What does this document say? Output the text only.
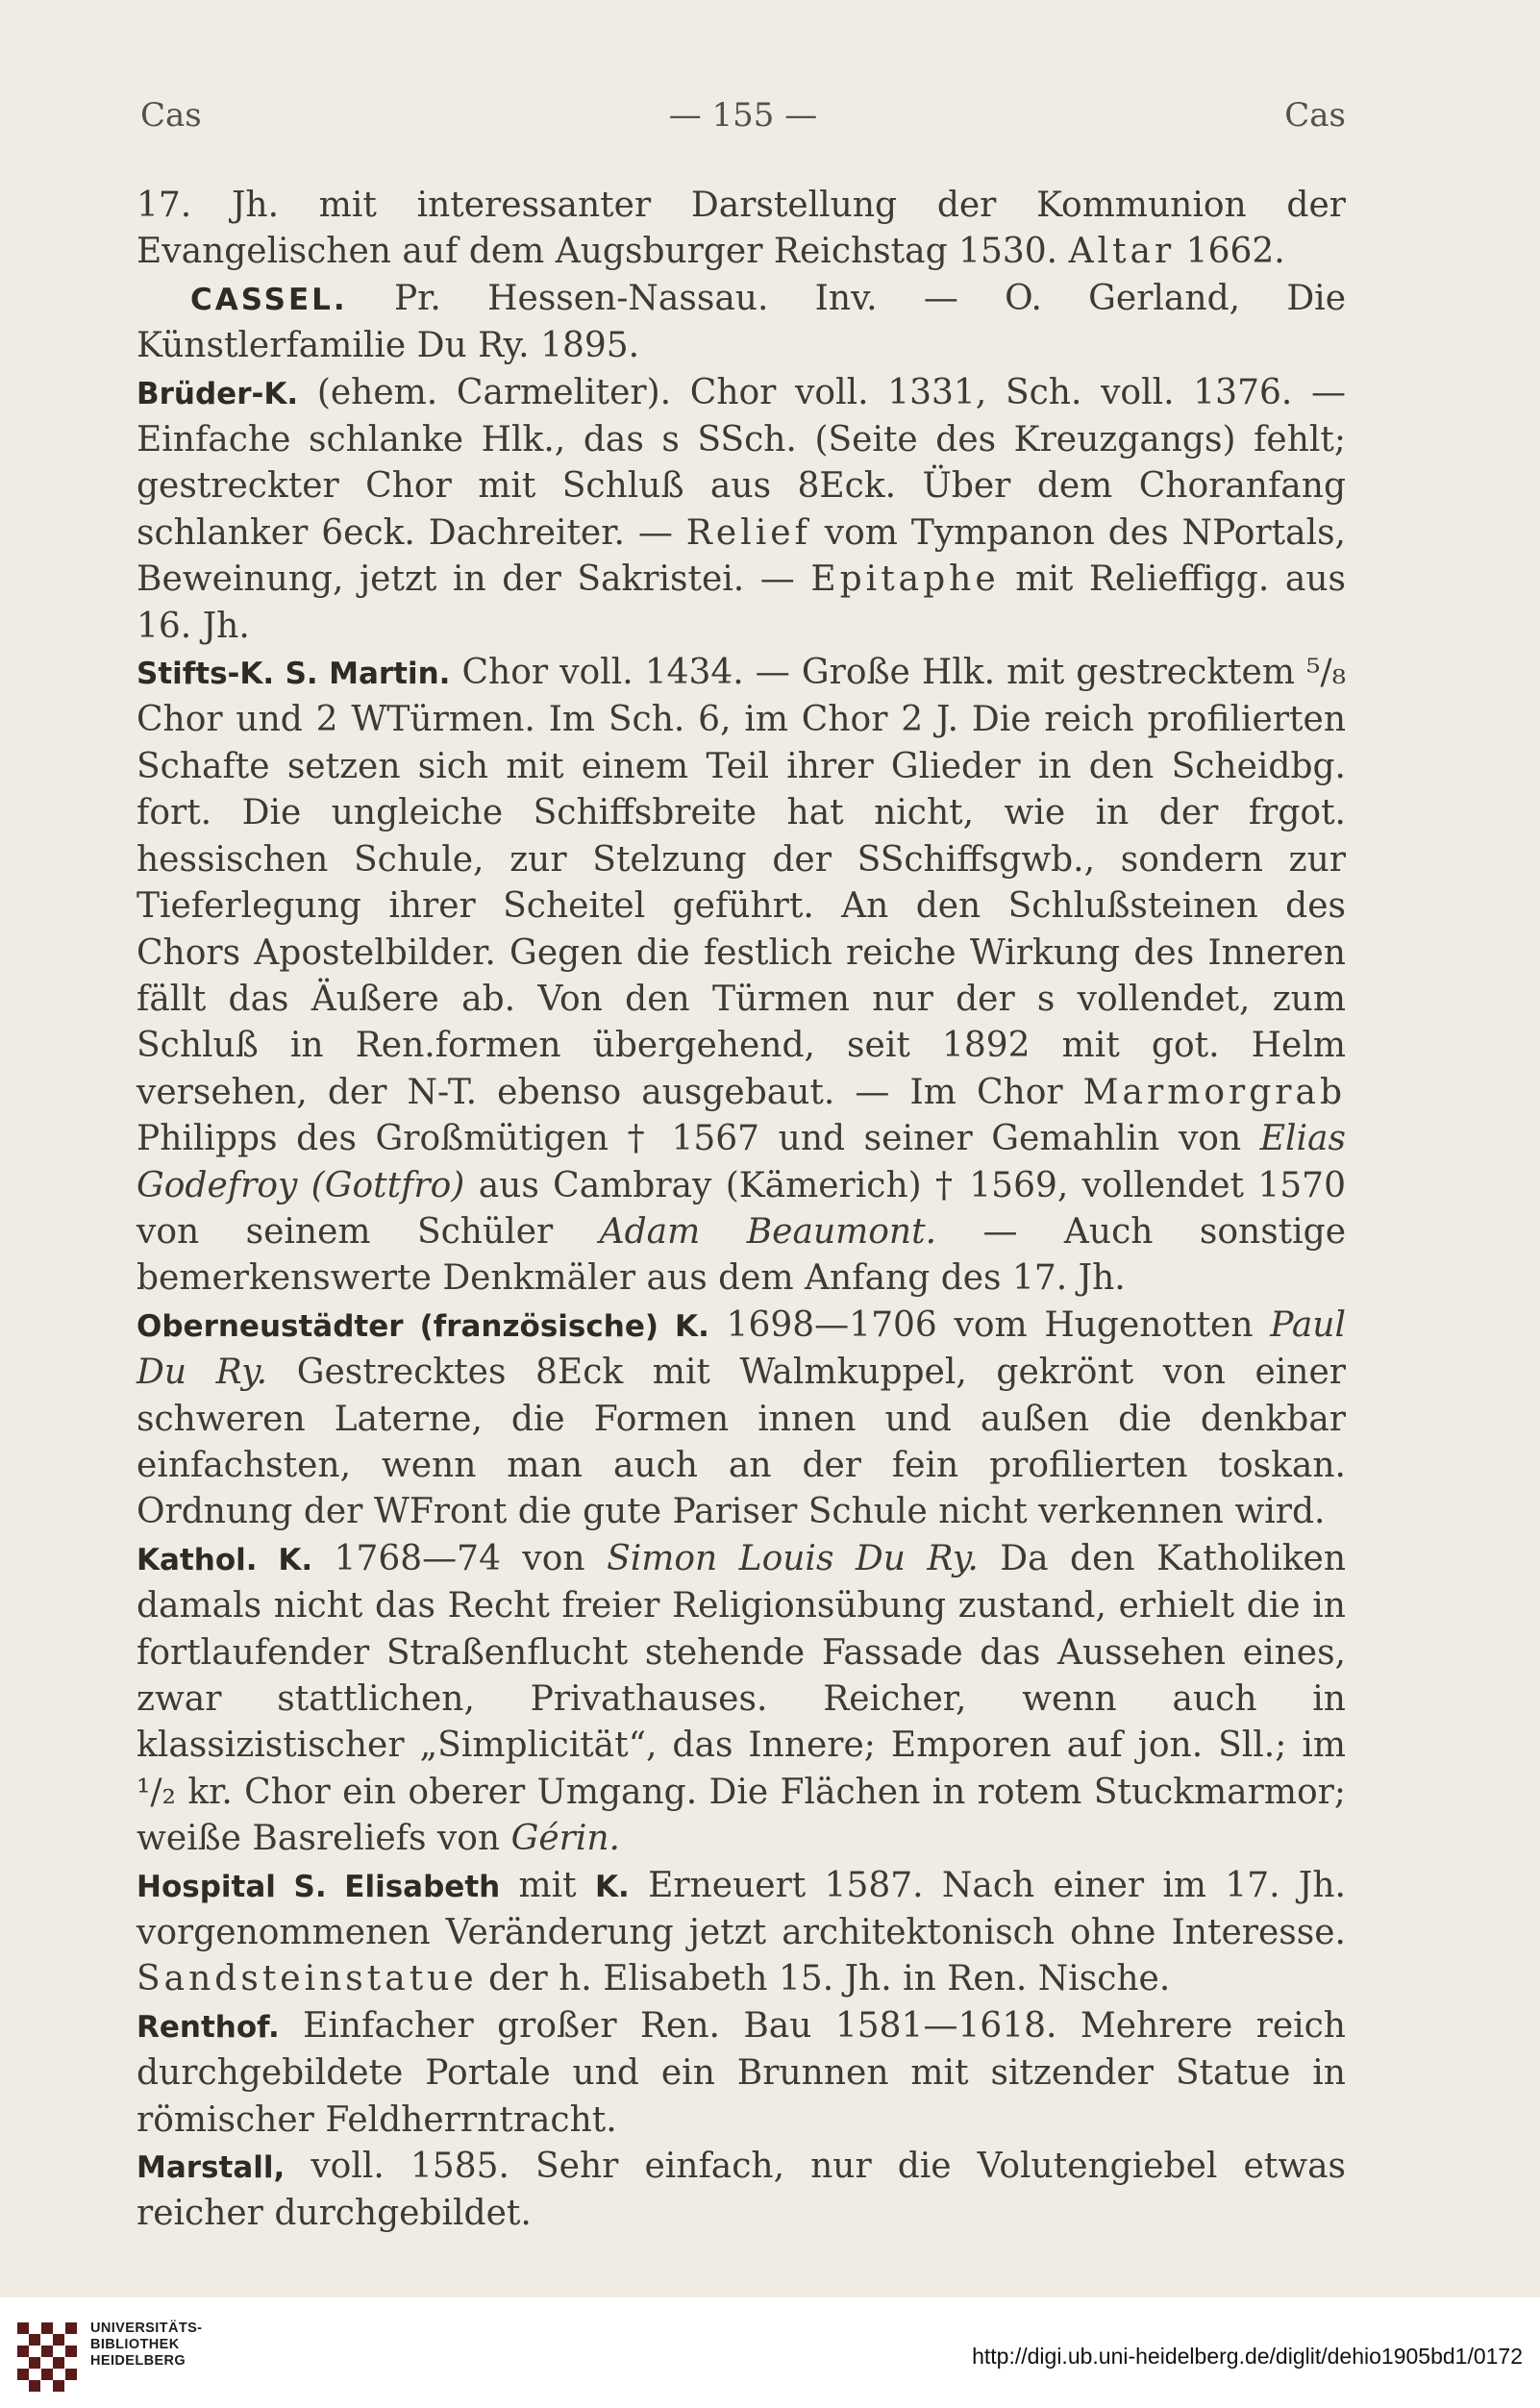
Cas	— 155 —	Cas

17. Jh. mit interessanter Darstellung der Kommunion der Evangelischen auf dem Augsburger Reichstag 1530. Altar 1662.

CASSEL. Pr. Hessen-Nassau. Inv. — O. Gerland, Die Künstlerfamilie Du Ry. 1895.

Brüder-K. (ehem. Carmeliter). Chor voll. 1331, Sch. voll. 1376. — Einfache schlanke Hlk., das s SSch. (Seite des Kreuzgangs) fehlt; gestreckter Chor mit Schluß aus 8Eck. Über dem Choranfang schlanker 6eck. Dachreiter. — Relief vom Tympanon des NPortals, Beweinung, jetzt in der Sakristei. — Epitaphe mit Relieffigg. aus 16. Jh.

Stifts-K. S. Martin. Chor voll. 1434. — Große Hlk. mit gestrecktem ⁵/₈ Chor und 2 WTürmen. Im Sch. 6, im Chor 2 J. Die reich profilierten Schafte setzen sich mit einem Teil ihrer Glieder in den Scheidbg. fort. Die ungleiche Schiffsbreite hat nicht, wie in der frgot. hessischen Schule, zur Stelzung der SSchiffsgwb., sondern zur Tieferlegung ihrer Scheitel geführt. An den Schlußsteinen des Chors Apostelbilder. Gegen die festlich reiche Wirkung des Inneren fällt das Äußere ab. Von den Türmen nur der s vollendet, zum Schluß in Ren.formen übergehend, seit 1892 mit got. Helm versehen, der N-T. ebenso ausgebaut. — Im Chor Marmorgrab Philipps des Großmütigen † 1567 und seiner Gemahlin von Elias Godefroy (Gottfro) aus Cambray (Kämerich) † 1569, vollendet 1570 von seinem Schüler Adam Beaumont. — Auch sonstige bemerkenswerte Denkmäler aus dem Anfang des 17. Jh.

Oberneustädter (französische) K. 1698—1706 vom Hugenotten Paul Du Ry. Gestrecktes 8Eck mit Walmkuppel, gekrönt von einer schweren Laterne, die Formen innen und außen die denkbar einfachsten, wenn man auch an der fein profilierten toskan. Ordnung der WFront die gute Pariser Schule nicht verkennen wird.

Kathol. K. 1768—74 von Simon Louis Du Ry. Da den Katholiken damals nicht das Recht freier Religionsübung zustand, erhielt die in fortlaufender Straßenflucht stehende Fassade das Aussehen eines, zwar stattlichen, Privathauses. Reicher, wenn auch in klassizistischer „Simplicität“, das Innere; Emporen auf jon. Sll.; im ¹/₂ kr. Chor ein oberer Umgang. Die Flächen in rotem Stuckmarmor; weiße Basreliefs von Gérin.

Hospital S. Elisabeth mit K. Erneuert 1587. Nach einer im 17. Jh. vorgenommenen Veränderung jetzt architektonisch ohne Interesse. Sandsteinstatue der h. Elisabeth 15. Jh. in Ren. Nische.

Renthof. Einfacher großer Ren. Bau 1581—1618. Mehrere reich durchgebildete Portale und ein Brunnen mit sitzender Statue in römischer Feldherrntracht.

Marstall, voll. 1585. Sehr einfach, nur die Volutengiebel etwas reicher durchgebildet.

UNIVERSITÄTS-
BIBLIOTHEK
HEIDELBERG	http://digi.ub.uni-heidelberg.de/diglit/dehio1905bd1/0172
